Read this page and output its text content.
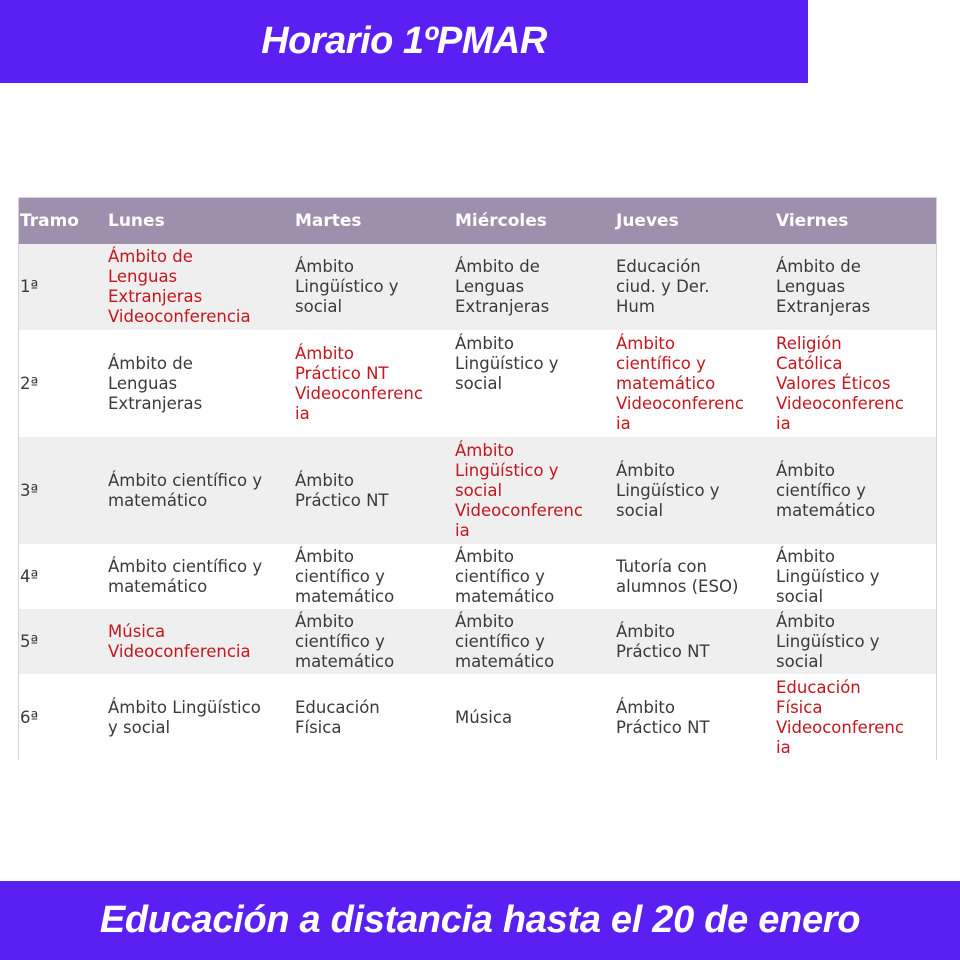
Horario 1ºPMAR
Tramo	Lunes	Martes	Miércoles	Jueves	Viernes
1ª	Ámbito de
Lenguas
Extranjeras
Videoconferencia	Ámbito
Lingüístico y
social	Ámbito de
Lenguas
Extranjeras	Educación
ciud. y Der.
Hum	Ámbito de
Lenguas
Extranjeras

2ª	Ámbito de
Lenguas
Extranjeras	Ámbito
Práctico NT
Videoconferenc
ia	Ámbito
Lingüístico y
social	Ámbito
científico y
matemático
Videoconferenc
ia	Religión
Católica
Valores Éticos
Videoconferenc
ia

3ª	Ámbito científico y
matemático	Ámbito
Práctico NT	Ámbito
Lingüístico y
social
Videoconferenc
ia	Ámbito
Lingüístico y
social	Ámbito
científico y
matemático

4ª	Ámbito científico y
matemático	Ámbito
científico y
matemático	Ámbito
científico y
matemático	Tutoría con
alumnos (ESO)	Ámbito
Lingüístico y
social

5ª	Música
Videoconferencia	Ámbito
científico y
matemático	Ámbito
científico y
matemático	Ámbito
Práctico NT	Ámbito
Lingüístico y
social

6ª	Ámbito Lingüístico
y social	Educación
Física	Música	Ámbito
Práctico NT	Educación
Física
Videoconferenc
ia
Educación a distancia hasta el 20 de enero
